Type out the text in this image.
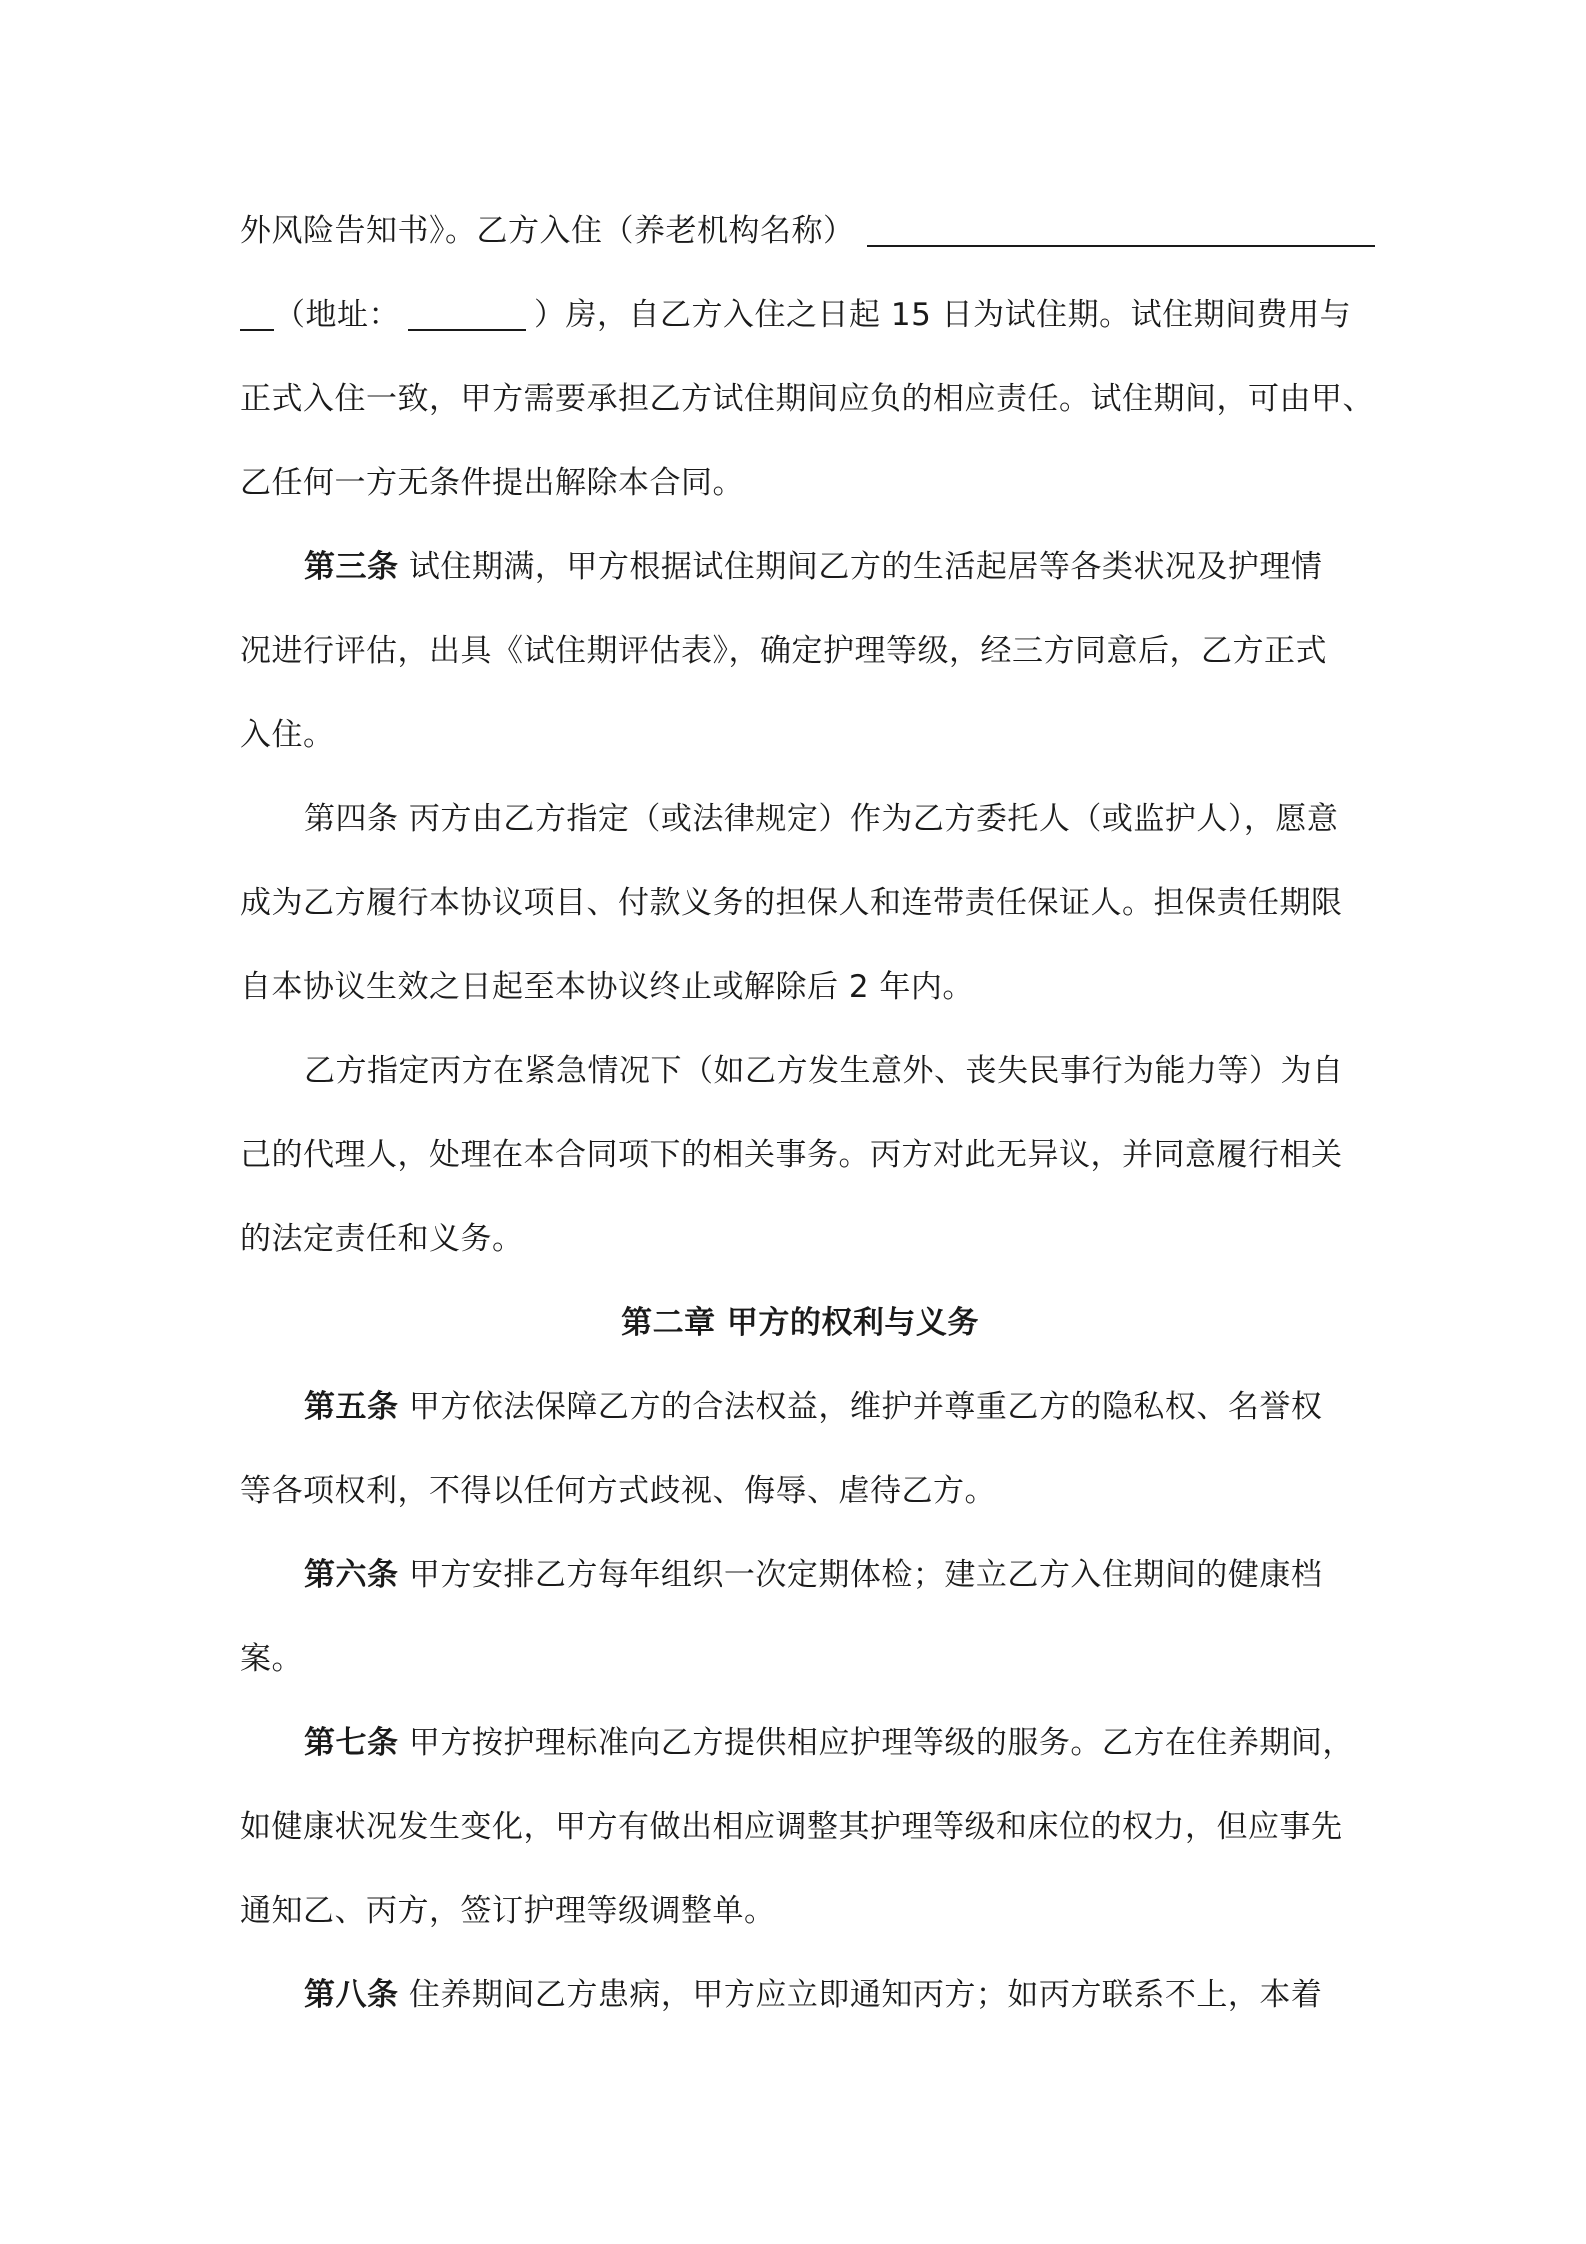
外风险告知书》。乙方入住（养老机构名称）
（地址：	）房，自乙方入住之日起 15 日为试住期。试住期间费用与
正式入住一致，甲方需要承担乙方试住期间应负的相应责任。试住期间，可由甲、
乙任何一方无条件提出解除本合同。
第三条 试住期满，甲方根据试住期间乙方的生活起居等各类状况及护理情
况进行评估，出具《试住期评估表》，确定护理等级，经三方同意后，乙方正式
入住。
第四条 丙方由乙方指定（或法律规定）作为乙方委托人（或监护人），愿意
成为乙方履行本协议项目、付款义务的担保人和连带责任保证人。担保责任期限
自本协议生效之日起至本协议终止或解除后 2 年内。
乙方指定丙方在紧急情况下（如乙方发生意外、丧失民事行为能力等）为自
己的代理人，处理在本合同项下的相关事务。丙方对此无异议，并同意履行相关
的法定责任和义务。
第二章 甲方的权利与义务
第五条 甲方依法保障乙方的合法权益，维护并尊重乙方的隐私权、名誉权
等各项权利，不得以任何方式歧视、侮辱、虐待乙方。
第六条 甲方安排乙方每年组织一次定期体检；建立乙方入住期间的健康档
案。
第七条 甲方按护理标准向乙方提供相应护理等级的服务。乙方在住养期间，
如健康状况发生变化，甲方有做出相应调整其护理等级和床位的权力，但应事先
通知乙、丙方，签订护理等级调整单。
第八条 住养期间乙方患病，甲方应立即通知丙方；如丙方联系不上，本着
